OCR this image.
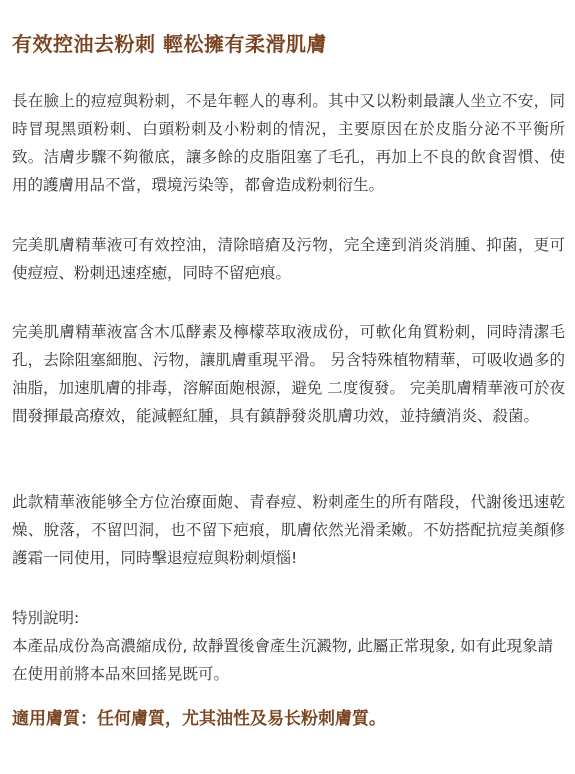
有效控油去粉刺 輕松擁有柔滑肌膚

長在臉上的痘痘與粉刺，不是年輕人的專利。其中又以粉刺最讓人坐立不安，同時冒現黑頭粉刺、白頭粉刺及小粉刺的情況，主要原因在於皮脂分泌不平衡所致。洁膚步驟不夠徹底，讓多餘的皮脂阻塞了毛孔，再加上不良的飲食習慣、使用的護膚用品不當，環境污染等，都會造成粉刺衍生。

完美肌膚精華液可有效控油，清除暗瘡及污物，完全達到消炎消腫、抑菌，更可使痘痘、粉刺迅速痊癒，同時不留疤痕。

完美肌膚精華液富含木瓜酵素及檸檬萃取液成份，可軟化角質粉刺，同時清潔毛孔，去除阻塞細胞、污物，讓肌膚重現平滑。 另含特殊植物精華，可吸收過多的油脂，加速肌膚的排毒，溶解面皰根源，避免 二度復發。 完美肌膚精華液可於夜間發揮最高療效，能減輕紅腫，具有鎮靜發炎肌膚功效，並持續消炎、殺菌。

此款精華液能够全方位治療面皰、青春痘、粉刺產生的所有階段，代謝後迅速乾燥、脫落，不留凹洞，也不留下疤痕，肌膚依然光滑柔嫩。不妨搭配抗痘美顏修護霜一同使用，同時擊退痘痘與粉刺煩惱!

特別說明:

本產品成份為高濃縮成份, 故靜置後會產生沉澱物, 此屬正常現象, 如有此現象請在使用前將本品來回搖晃既可。

適用膚質：任何膚質，尤其油性及易长粉刺膚質。
